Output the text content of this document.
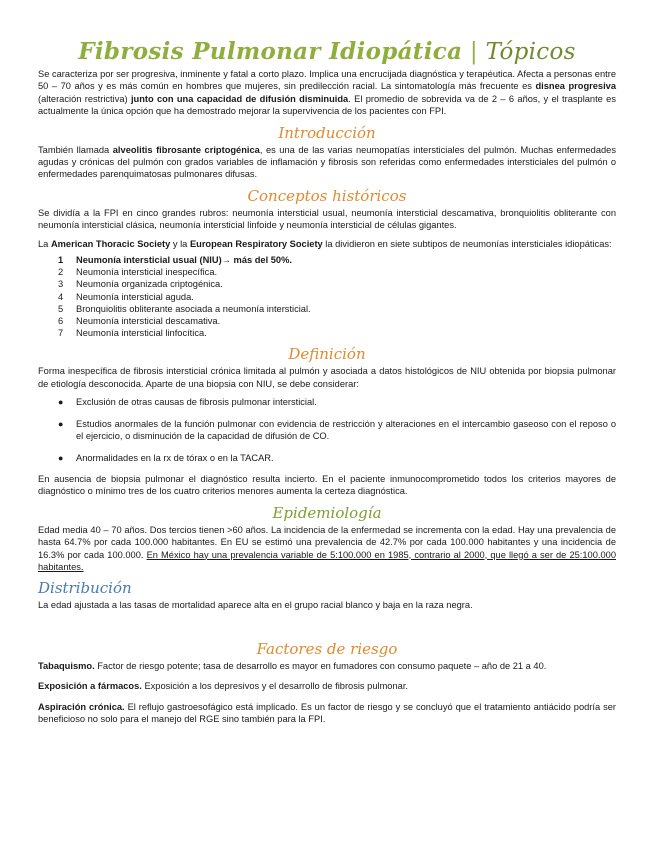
Fibrosis Pulmonar Idiopática | Tópicos

Se caracteriza por ser progresiva, inminente y fatal a corto plazo. Implica una encrucijada diagnóstica y terapéutica. Afecta a personas entre 50 – 70 años y es más común en hombres que mujeres, sin predilección racial. La sintomatología más frecuente es disnea progresiva (alteración restrictiva) junto con una capacidad de difusión disminuida. El promedio de sobrevida va de 2 – 6 años, y el trasplante es actualmente la única opción que ha demostrado mejorar la supervivencia de los pacientes con FPI.

Introducción

También llamada alveolitis fibrosante criptogénica, es una de las varias neumopatías intersticiales del pulmón. Muchas enfermedades agudas y crónicas del pulmón con grados variables de inflamación y fibrosis son referidas como enfermedades intersticiales del pulmón o enfermedades parenquimatosas pulmonares difusas.

Conceptos históricos

Se dividía a la FPI en cinco grandes rubros: neumonía intersticial usual, neumonía intersticial descamativa, bronquiolitis obliterante con neumonía intersticial clásica, neumonía intersticial linfoide y neumonía intersticial de células gigantes.

La American Thoracic Society y la European Respiratory Society la dividieron en siete subtipos de neumonías intersticiales idiopáticas:

1	Neumonía intersticial usual (NIU)→ más del 50%.
2	Neumonía intersticial inespecífica.
3	Neumonía organizada criptogénica.
4	Neumonía intersticial aguda.
5	Bronquiolitis obliterante asociada a neumonía intersticial.
6	Neumonía intersticial descamativa.
7	Neumonía intersticial linfocítica.
Definición

Forma inespecífica de fibrosis intersticial crónica limitada al pulmón y asociada a datos histológicos de NIU obtenida por biopsia pulmonar de etiología desconocida. Aparte de una biopsia con NIU, se debe considerar:

●	Exclusión de otras causas de fibrosis pulmonar intersticial.
●	Estudios anormales de la función pulmonar con evidencia de restricción y alteraciones en el intercambio gaseoso con el reposo o el ejercicio, o disminución de la capacidad de difusión de CO.
●	Anormalidades en la rx de tórax o en la TACAR.

En ausencia de biopsia pulmonar el diagnóstico resulta incierto. En el paciente inmunocomprometido todos los criterios mayores de diagnóstico o mínimo tres de los cuatro criterios menores aumenta la certeza diagnóstica.

Epidemiología

Edad media 40 – 70 años. Dos tercios tienen >60 años. La incidencia de la enfermedad se incrementa con la edad. Hay una prevalencia de hasta 64.7% por cada 100.000 habitantes. En EU se estimó una prevalencia de 42.7% por cada 100.000 habitantes y una incidencia de 16.3% por cada 100.000. En México hay una prevalencia variable de 5:100.000 en 1985, contrario al 2000, que llegó a ser de 25:100.000 habitantes.

Distribución

La edad ajustada a las tasas de mortalidad aparece alta en el grupo racial blanco y baja en la raza negra.

Factores de riesgo

Tabaquismo. Factor de riesgo potente; tasa de desarrollo es mayor en fumadores con consumo paquete – año de 21 a 40.

Exposición a fármacos. Exposición a los depresivos y el desarrollo de fibrosis pulmonar.

Aspiración crónica. El reflujo gastroesofágico está implicado. Es un factor de riesgo y se concluyó que el tratamiento antiácido podría ser beneficioso no solo para el manejo del RGE sino también para la FPI.
